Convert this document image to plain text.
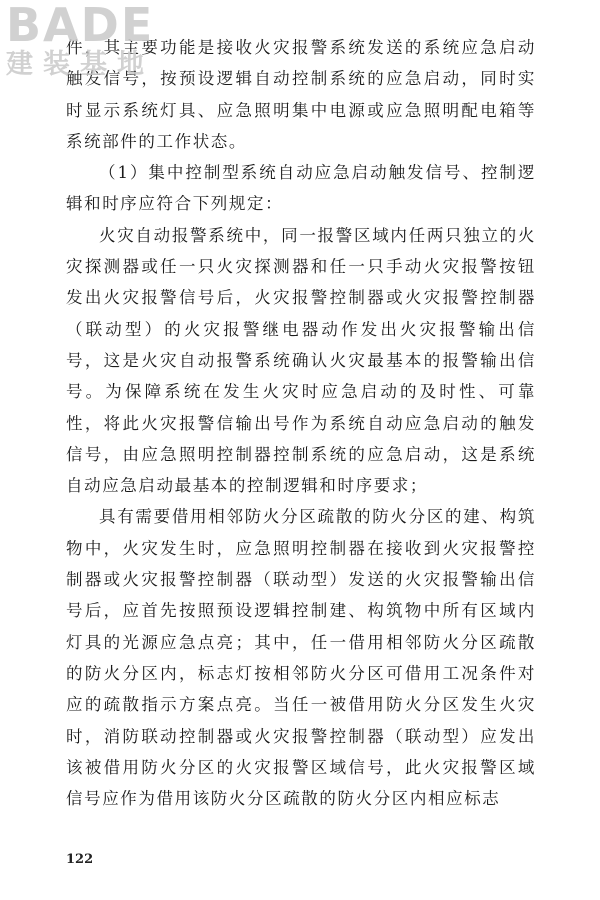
BADE
建装基地

件，其主要功能是接收火灾报警系统发送的系统应急启动触发信号，按预设逻辑自动控制系统的应急启动，同时实时显示系统灯具、应急照明集中电源或应急照明配电箱等系统部件的工作状态。

（1）集中控制型系统自动应急启动触发信号、控制逻辑和时序应符合下列规定：

火灾自动报警系统中，同一报警区域内任两只独立的火灾探测器或任一只火灾探测器和任一只手动火灾报警按钮发出火灾报警信号后，火灾报警控制器或火灾报警控制器（联动型）的火灾报警继电器动作发出火灾报警输出信号，这是火灾自动报警系统确认火灾最基本的报警输出信号。为保障系统在发生火灾时应急启动的及时性、可靠性，将此火灾报警信输出号作为系统自动应急启动的触发信号，由应急照明控制器控制系统的应急启动，这是系统自动应急启动最基本的控制逻辑和时序要求；

具有需要借用相邻防火分区疏散的防火分区的建、构筑物中，火灾发生时，应急照明控制器在接收到火灾报警控制器或火灾报警控制器（联动型）发送的火灾报警输出信号后，应首先按照预设逻辑控制建、构筑物中所有区域内灯具的光源应急点亮；其中，任一借用相邻防火分区疏散的防火分区内，标志灯按相邻防火分区可借用工况条件对应的疏散指示方案点亮。当任一被借用防火分区发生火灾时，消防联动控制器或火灾报警控制器（联动型）应发出该被借用防火分区的火灾报警区域信号，此火灾报警区域信号应作为借用该防火分区疏散的防火分区内相应标志

122
